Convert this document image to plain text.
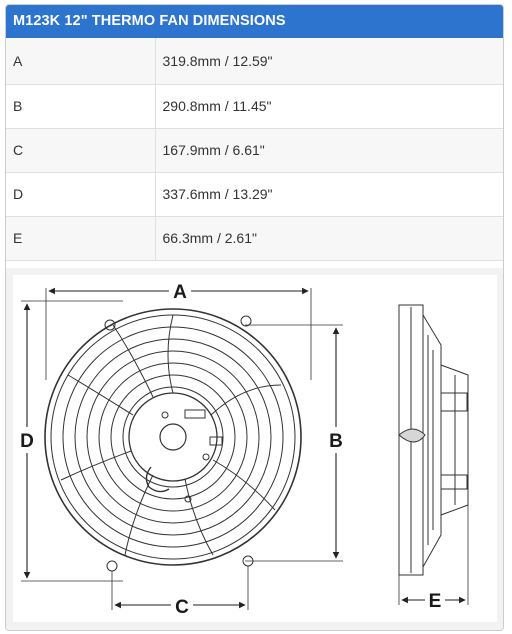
M123K 12" THERMO FAN DIMENSIONS
A	319.8mm / 12.59"
B	290.8mm / 11.45"
C	167.9mm / 6.61"
D	337.6mm / 13.29"
E	66.3mm / 2.61"
A
D	B
C	E
